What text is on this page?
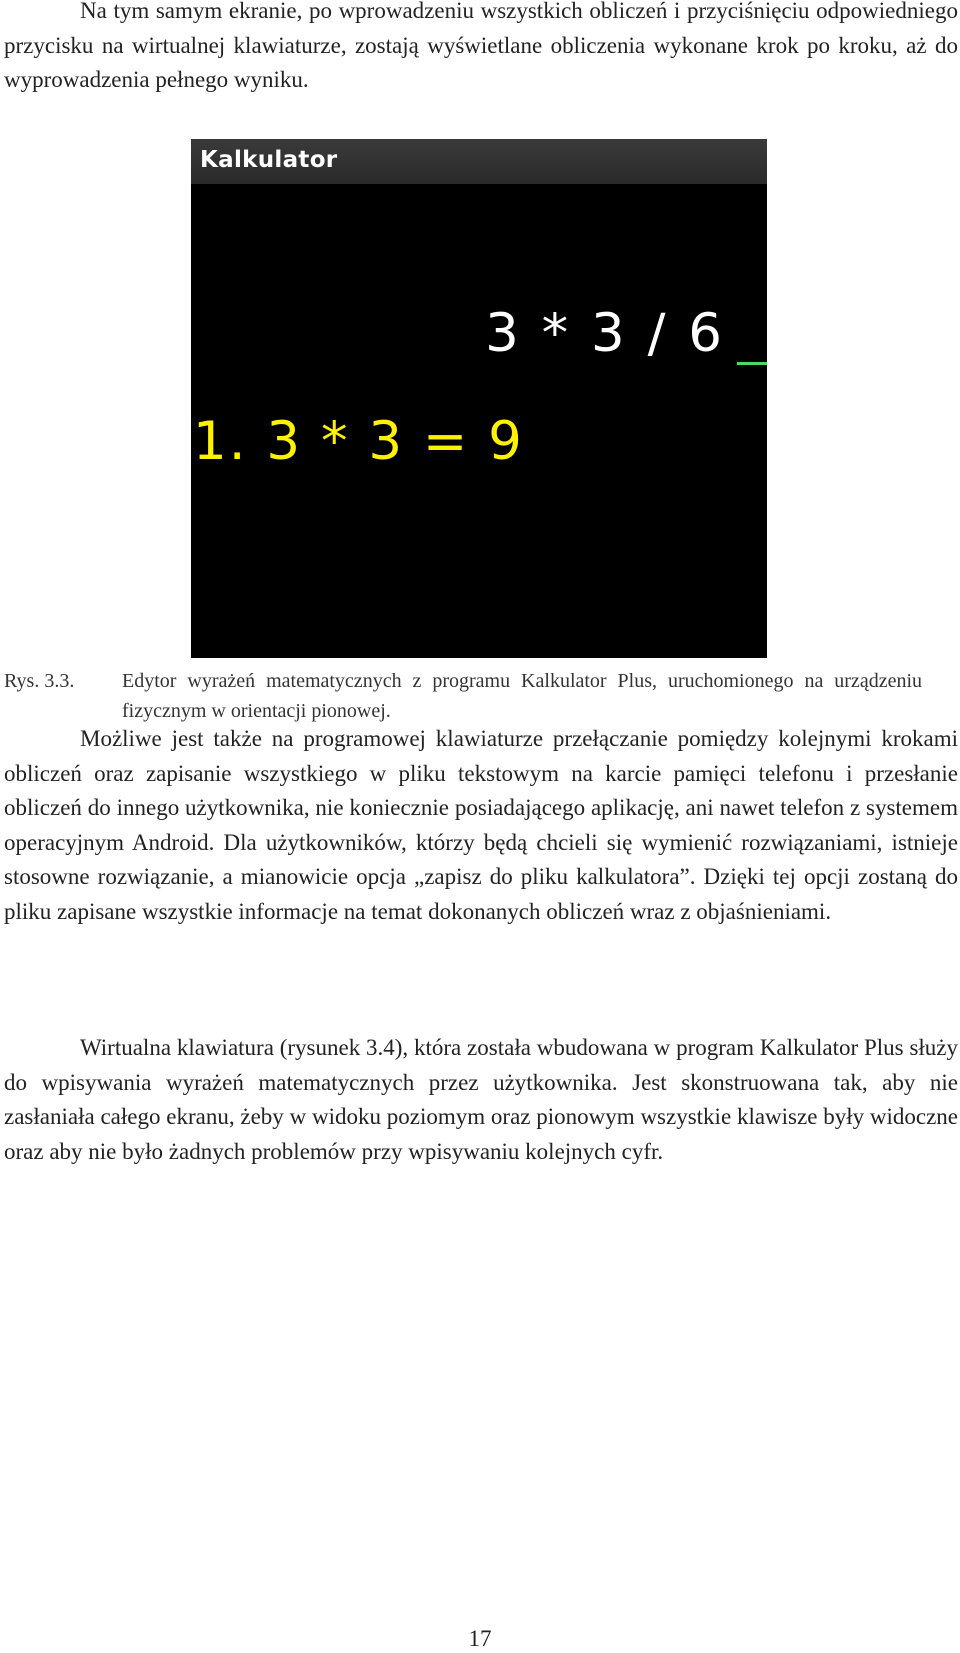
Na tym samym ekranie, po wprowadzeniu wszystkich obliczeń i przyciśnięciu odpowiedniego przycisku na wirtualnej klawiaturze, zostają wyświetlane obliczenia wykonane krok po kroku, aż do wyprowadzenia pełnego wyniku.

Kalkulator
3 * 3 / 6
1. 3 * 3 = 9
Rys. 3.3. Edytor wyrażeń matematycznych z programu Kalkulator Plus, uruchomionego na urządzeniu fizycznym w orientacji pionowej.

Możliwe jest także na programowej klawiaturze przełączanie pomiędzy kolejnymi krokami obliczeń oraz zapisanie wszystkiego w pliku tekstowym na karcie pamięci telefonu i przesłanie obliczeń do innego użytkownika, nie koniecznie posiadającego aplikację, ani nawet telefon z systemem operacyjnym Android. Dla użytkowników, którzy będą chcieli się wymienić rozwiązaniami, istnieje stosowne rozwiązanie, a mianowicie opcja „zapisz do pliku kalkulatora”. Dzięki tej opcji zostaną do pliku zapisane wszystkie informacje na temat dokonanych obliczeń wraz z objaśnieniami.

Wirtualna klawiatura (rysunek 3.4), która została wbudowana w program Kalkulator Plus służy do wpisywania wyrażeń matematycznych przez użytkownika. Jest skonstruowana tak, aby nie zasłaniała całego ekranu, żeby w widoku poziomym oraz pionowym wszystkie klawisze były widoczne oraz aby nie było żadnych problemów przy wpisywaniu kolejnych cyfr.

17
